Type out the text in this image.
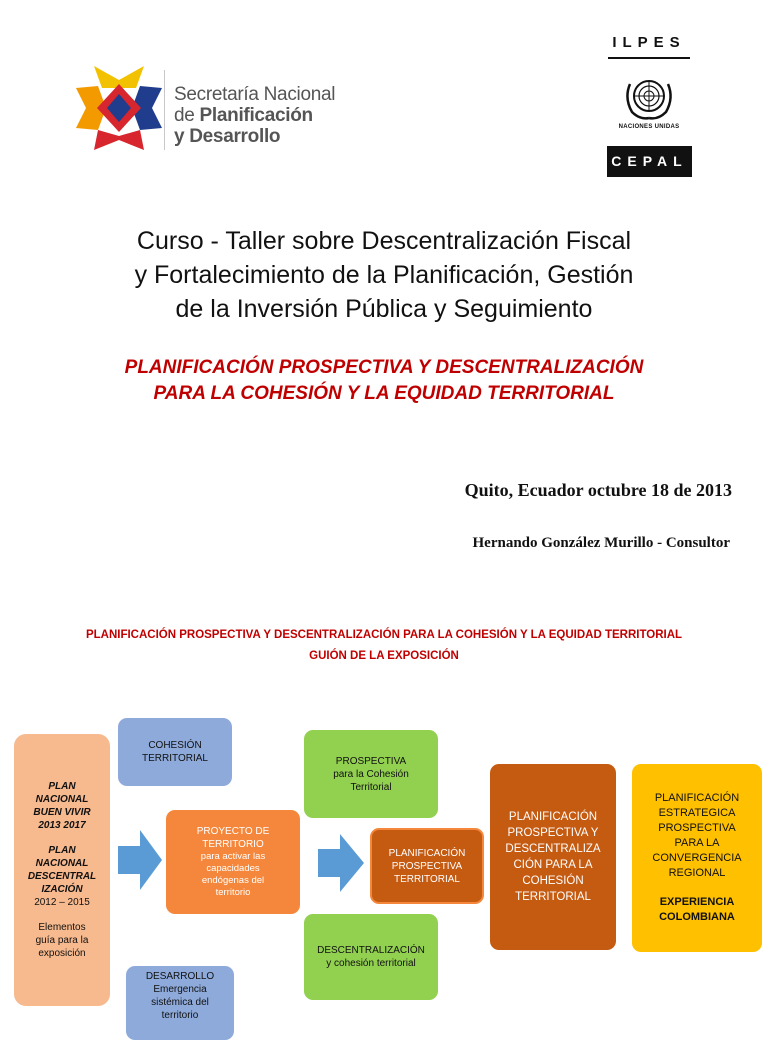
Secretaría Nacional
de Planificación
y Desarrollo
ILPES
NACIONES UNIDAS
CEPAL
Curso - Taller sobre Descentralización Fiscal
y Fortalecimiento de la Planificación, Gestión
de la Inversión Pública y Seguimiento
PLANIFICACIÓN PROSPECTIVA Y DESCENTRALIZACIÓN
PARA LA COHESIÓN Y LA EQUIDAD TERRITORIAL
Quito, Ecuador octubre 18 de 2013
Hernando González Murillo - Consultor
PLANIFICACIÓN PROSPECTIVA Y DESCENTRALIZACIÓN PARA LA COHESIÓN Y LA EQUIDAD TERRITORIAL
GUIÓN DE LA EXPOSICIÓN
PLAN
NACIONAL
BUEN VIVIR
2013 2017
PLAN
NACIONAL
DESCENTRAL
IZACIÓN
2012 – 2015
Elementos
guía para la
exposición
COHESIÓN
TERRITORIAL
DESARROLLO
Emergencia
sistémica del
territorio
PROYECTO DE
TERRITORIO
para activar las
capacidades
endógenas del
territorio
PROSPECTIVA
para la Cohesión
Territorial
DESCENTRALIZACIÓN
y cohesión territorial
PLANIFICACIÓN
PROSPECTIVA
TERRITORIAL
PLANIFICACIÓN
PROSPECTIVA Y
DESCENTRALIZA
CIÓN PARA LA
COHESIÓN
TERRITORIAL
PLANIFICACIÓN
ESTRATEGICA
PROSPECTIVA
PARA LA
CONVERGENCIA
REGIONAL
EXPERIENCIA
COLOMBIANA
